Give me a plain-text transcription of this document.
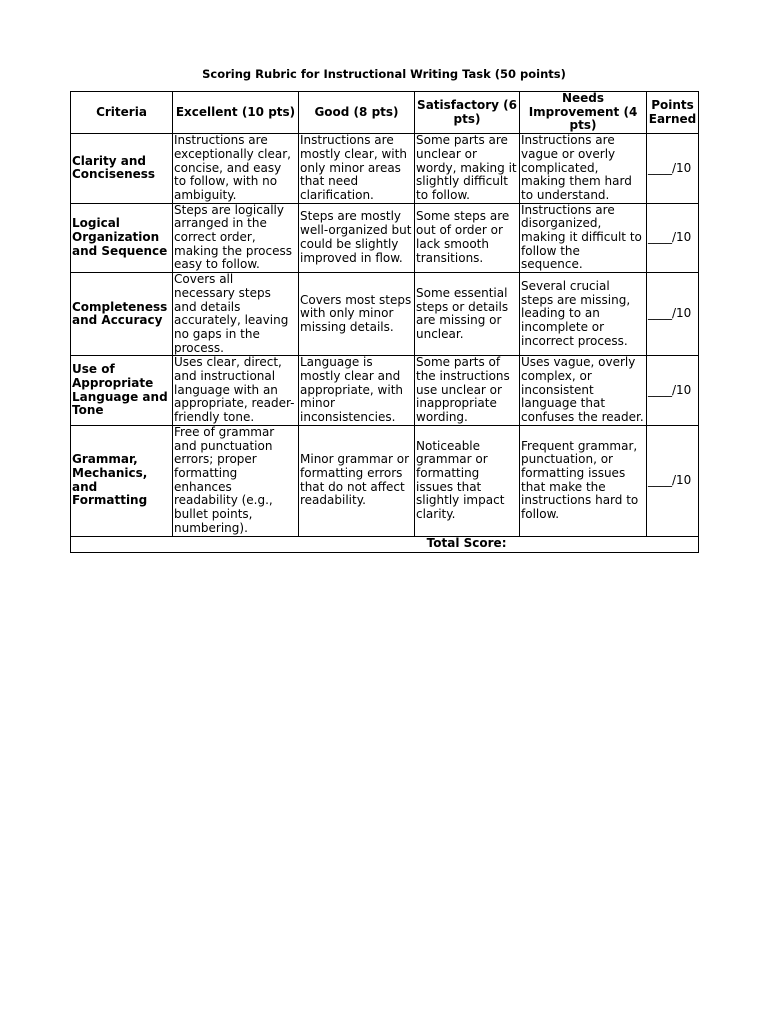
Scoring Rubric for Instructional Writing Task (50 points)
Criteria	Excellent (10 pts)	Good (8 pts)	Satisfactory (6 pts)	Needs Improvement (4 pts)	Points Earned
Clarity and Conciseness	Instructions are exceptionally clear, concise, and easy to follow, with no ambiguity.	Instructions are mostly clear, with only minor areas that need clarification.	Some parts are unclear or wordy, making it slightly difficult to follow.	Instructions are vague or overly complicated, making them hard to understand.	____/10
Logical Organization and Sequence	Steps are logically arranged in the correct order, making the process easy to follow.	Steps are mostly well-organized but could be slightly improved in flow.	Some steps are out of order or lack smooth transitions.	Instructions are disorganized, making it difficult to follow the sequence.	____/10
Completeness and Accuracy	Covers all necessary steps and details accurately, leaving no gaps in the process.	Covers most steps with only minor missing details.	Some essential steps or details are missing or unclear.	Several crucial steps are missing, leading to an incomplete or incorrect process.	____/10
Use of Appropriate Language and Tone	Uses clear, direct, and instructional language with an appropriate, reader-friendly tone.	Language is mostly clear and appropriate, with minor inconsistencies.	Some parts of the instructions use unclear or inappropriate wording.	Uses vague, overly complex, or inconsistent language that confuses the reader.	____/10
Grammar, Mechanics, and Formatting	Free of grammar and punctuation errors; proper formatting enhances readability (e.g., bullet points, numbering).	Minor grammar or formatting errors that do not affect readability.	Noticeable grammar or formatting issues that slightly impact clarity.	Frequent grammar, punctuation, or formatting issues that make the instructions hard to follow.	____/10
Total Score:					
